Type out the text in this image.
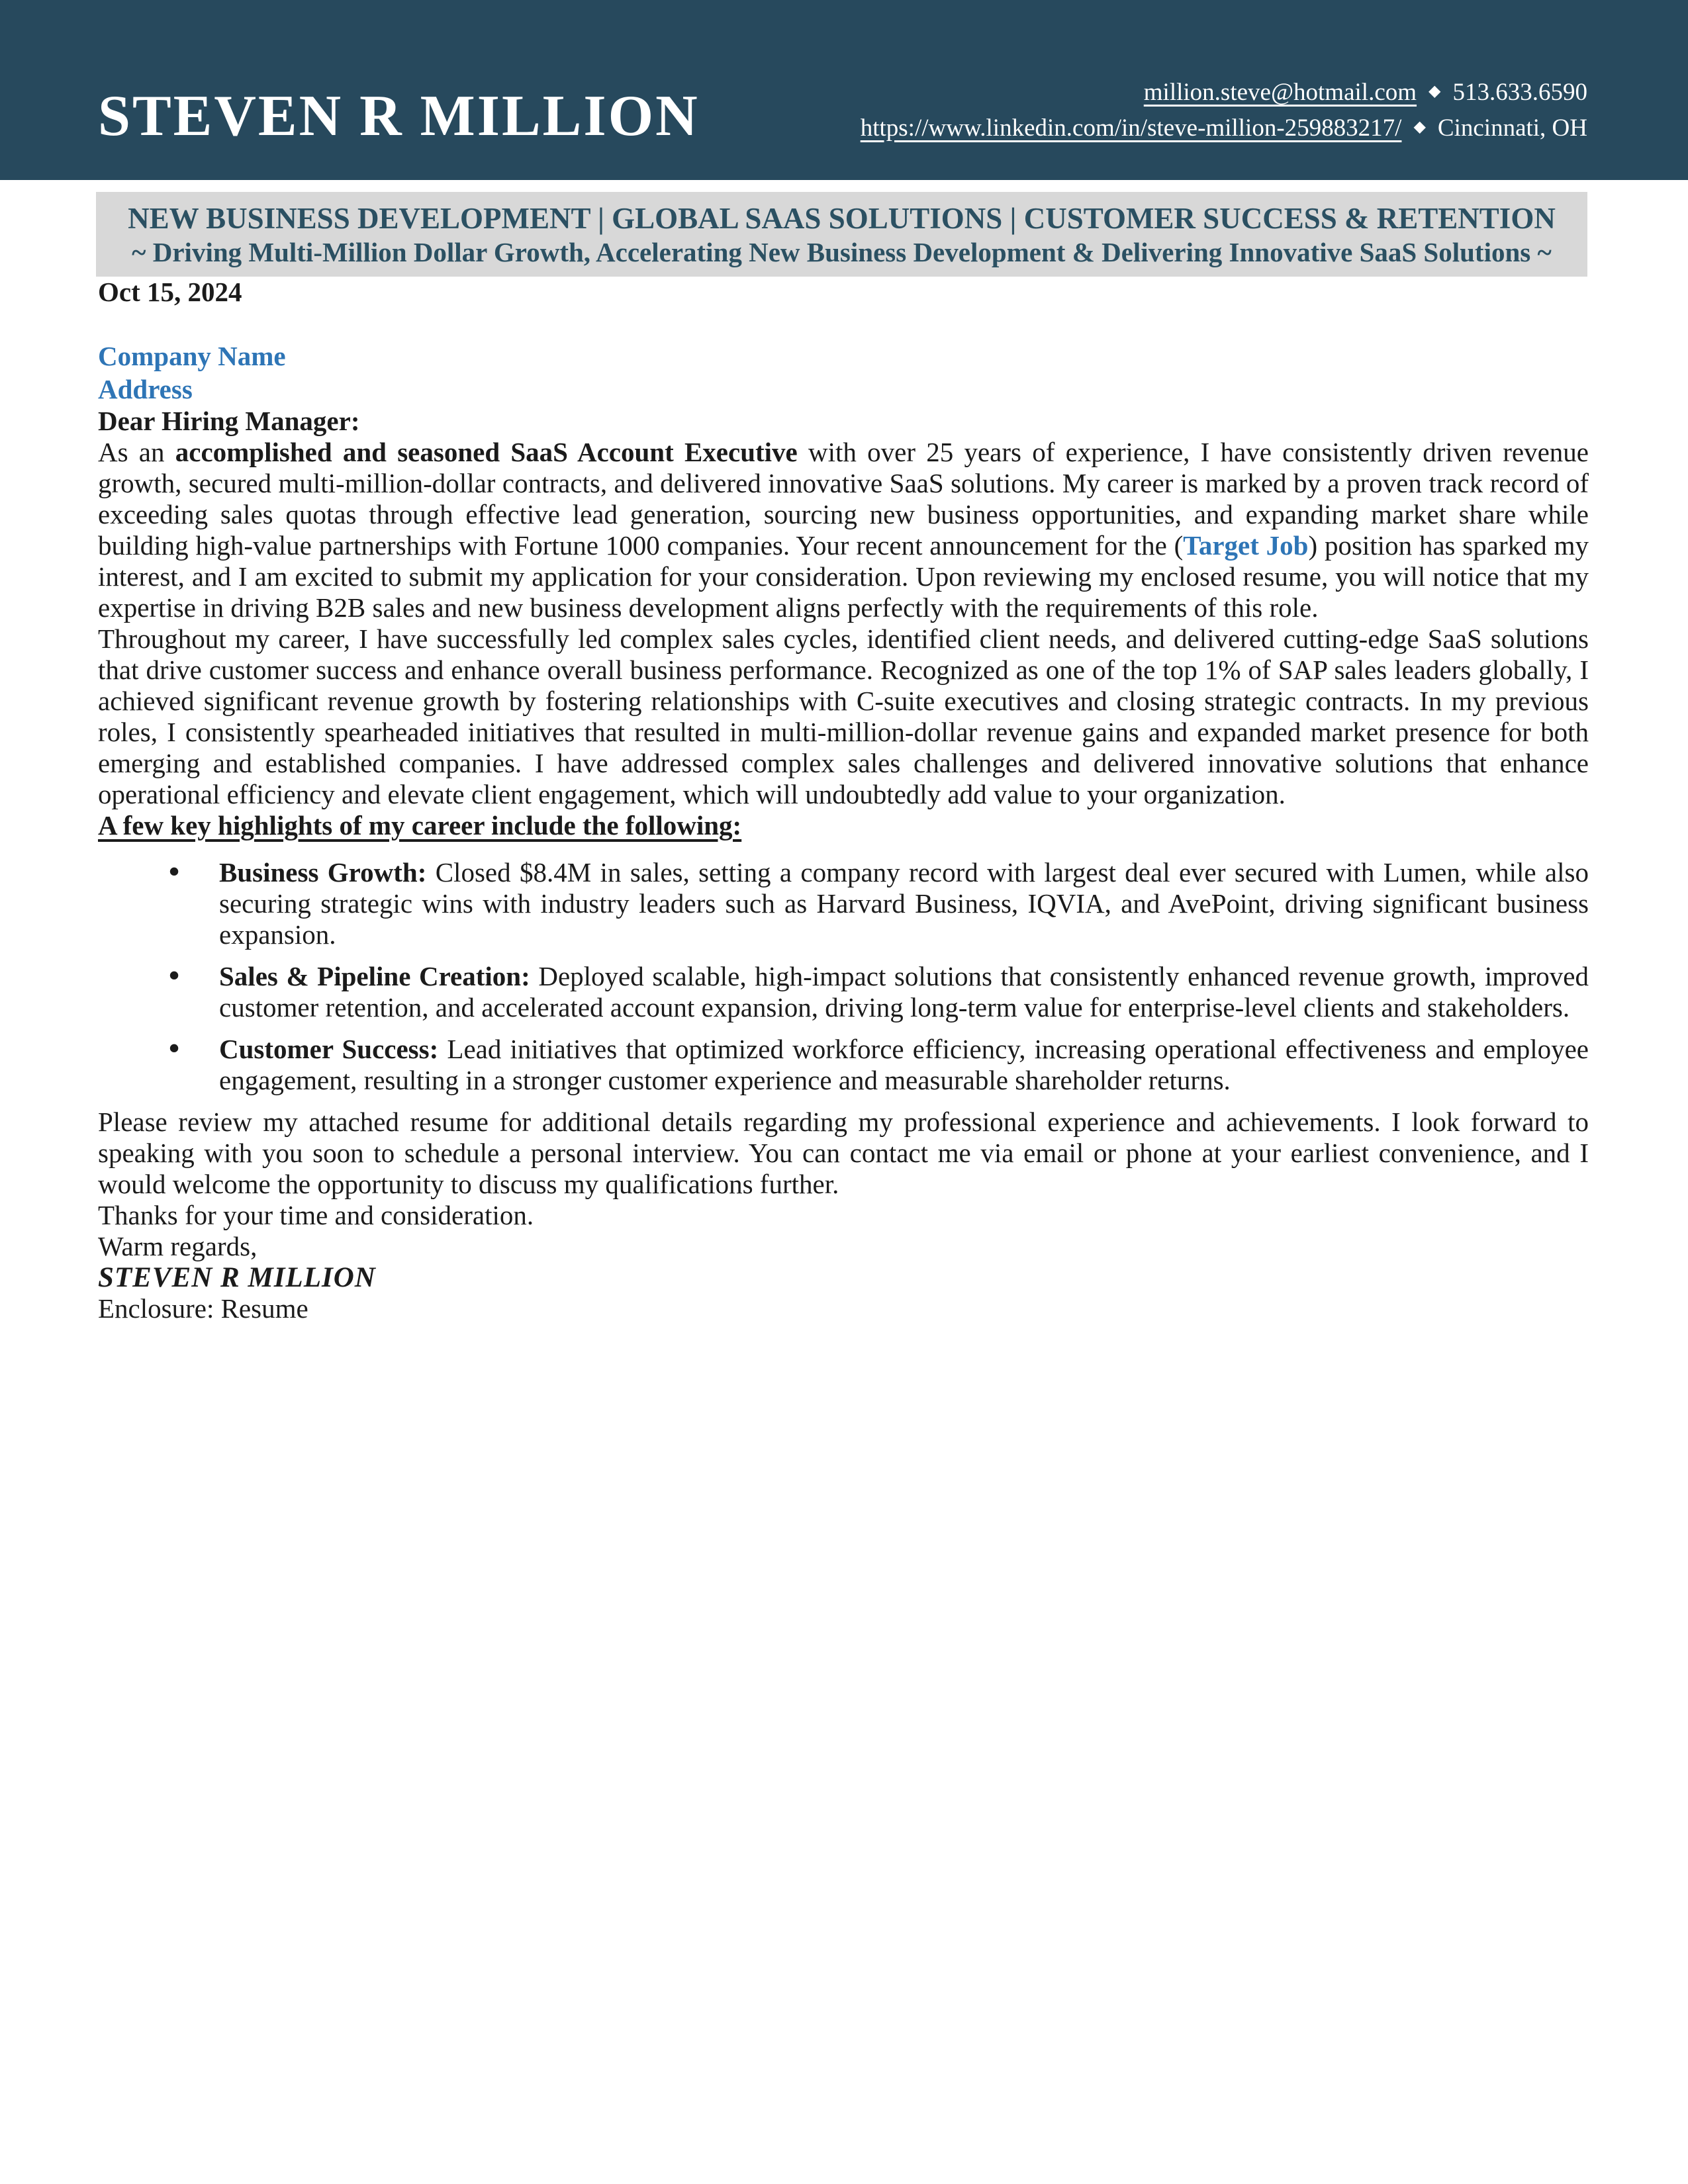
STEVEN R MILLION	million.steve@hotmail.com ◆ 513.633.6590
https://www.linkedin.com/in/steve-million-259883217/ ◆ Cincinnati, OH
NEW BUSINESS DEVELOPMENT | GLOBAL SAAS SOLUTIONS | CUSTOMER SUCCESS & RETENTION
~ Driving Multi-Million Dollar Growth, Accelerating New Business Development & Delivering Innovative SaaS Solutions ~

Oct 15, 2024

Company Name
Address

Dear Hiring Manager:

As an accomplished and seasoned SaaS Account Executive with over 25 years of experience, I have consistently driven revenue growth, secured multi-million-dollar contracts, and delivered innovative SaaS solutions. My career is marked by a proven track record of exceeding sales quotas through effective lead generation, sourcing new business opportunities, and expanding market share while building high-value partnerships with Fortune 1000 companies. Your recent announcement for the (Target Job) position has sparked my interest, and I am excited to submit my application for your consideration. Upon reviewing my enclosed resume, you will notice that my expertise in driving B2B sales and new business development aligns perfectly with the requirements of this role.

Throughout my career, I have successfully led complex sales cycles, identified client needs, and delivered cutting-edge SaaS solutions that drive customer success and enhance overall business performance. Recognized as one of the top 1% of SAP sales leaders globally, I achieved significant revenue growth by fostering relationships with C-suite executives and closing strategic contracts. In my previous roles, I consistently spearheaded initiatives that resulted in multi-million-dollar revenue gains and expanded market presence for both emerging and established companies. I have addressed complex sales challenges and delivered innovative solutions that enhance operational efficiency and elevate client engagement, which will undoubtedly add value to your organization.

A few key highlights of my career include the following:

• Business Growth: Closed $8.4M in sales, setting a company record with largest deal ever secured with Lumen, while also securing strategic wins with industry leaders such as Harvard Business, IQVIA, and AvePoint, driving significant business expansion.
• Sales & Pipeline Creation: Deployed scalable, high-impact solutions that consistently enhanced revenue growth, improved customer retention, and accelerated account expansion, driving long-term value for enterprise-level clients and stakeholders.
• Customer Success: Lead initiatives that optimized workforce efficiency, increasing operational effectiveness and employee engagement, resulting in a stronger customer experience and measurable shareholder returns.

Please review my attached resume for additional details regarding my professional experience and achievements. I look forward to speaking with you soon to schedule a personal interview. You can contact me via email or phone at your earliest convenience, and I would welcome the opportunity to discuss my qualifications further.

Thanks for your time and consideration.

Warm regards,

STEVEN R MILLION

Enclosure: Resume
